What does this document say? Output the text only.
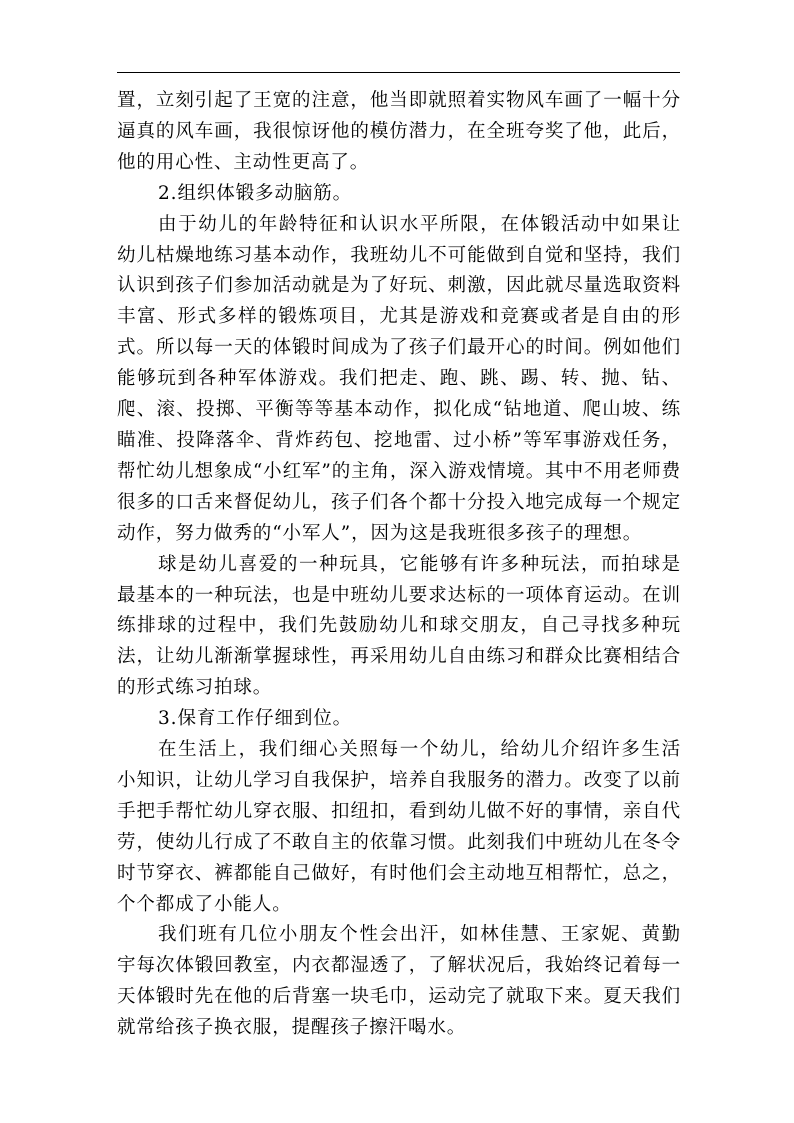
置，立刻引起了王宽的注意，他当即就照着实物风车画了一幅十分逼真的风车画，我很惊讶他的模仿潜力，在全班夸奖了他，此后，他的用心性、主动性更高了。

2.组织体锻多动脑筋。

由于幼儿的年龄特征和认识水平所限，在体锻活动中如果让幼儿枯燥地练习基本动作，我班幼儿不可能做到自觉和坚持，我们认识到孩子们参加活动就是为了好玩、刺激，因此就尽量选取资料丰富、形式多样的锻炼项目，尤其是游戏和竞赛或者是自由的形式。所以每一天的体锻时间成为了孩子们最开心的时间。例如他们能够玩到各种军体游戏。我们把走、跑、跳、踢、转、抛、钻、爬、滚、投掷、平衡等等基本动作，拟化成“钻地道、爬山坡、练瞄准、投降落伞、背炸药包、挖地雷、过小桥”等军事游戏任务，帮忙幼儿想象成“小红军”的主角，深入游戏情境。其中不用老师费很多的口舌来督促幼儿，孩子们各个都十分投入地完成每一个规定动作，努力做秀的“小军人”，因为这是我班很多孩子的理想。

球是幼儿喜爱的一种玩具，它能够有许多种玩法，而拍球是最基本的一种玩法，也是中班幼儿要求达标的一项体育运动。在训练排球的过程中，我们先鼓励幼儿和球交朋友，自己寻找多种玩法，让幼儿渐渐掌握球性，再采用幼儿自由练习和群众比赛相结合的形式练习拍球。

3.保育工作仔细到位。

在生活上，我们细心关照每一个幼儿，给幼儿介绍许多生活小知识，让幼儿学习自我保护，培养自我服务的潜力。改变了以前手把手帮忙幼儿穿衣服、扣纽扣，看到幼儿做不好的事情，亲自代劳，使幼儿行成了不敢自主的依靠习惯。此刻我们中班幼儿在冬令时节穿衣、裤都能自己做好，有时他们会主动地互相帮忙，总之，个个都成了小能人。

我们班有几位小朋友个性会出汗，如林佳慧、王家妮、黄勤宇每次体锻回教室，内衣都湿透了，了解状况后，我始终记着每一天体锻时先在他的后背塞一块毛巾，运动完了就取下来。夏天我们就常给孩子换衣服，提醒孩子擦汗喝水。
